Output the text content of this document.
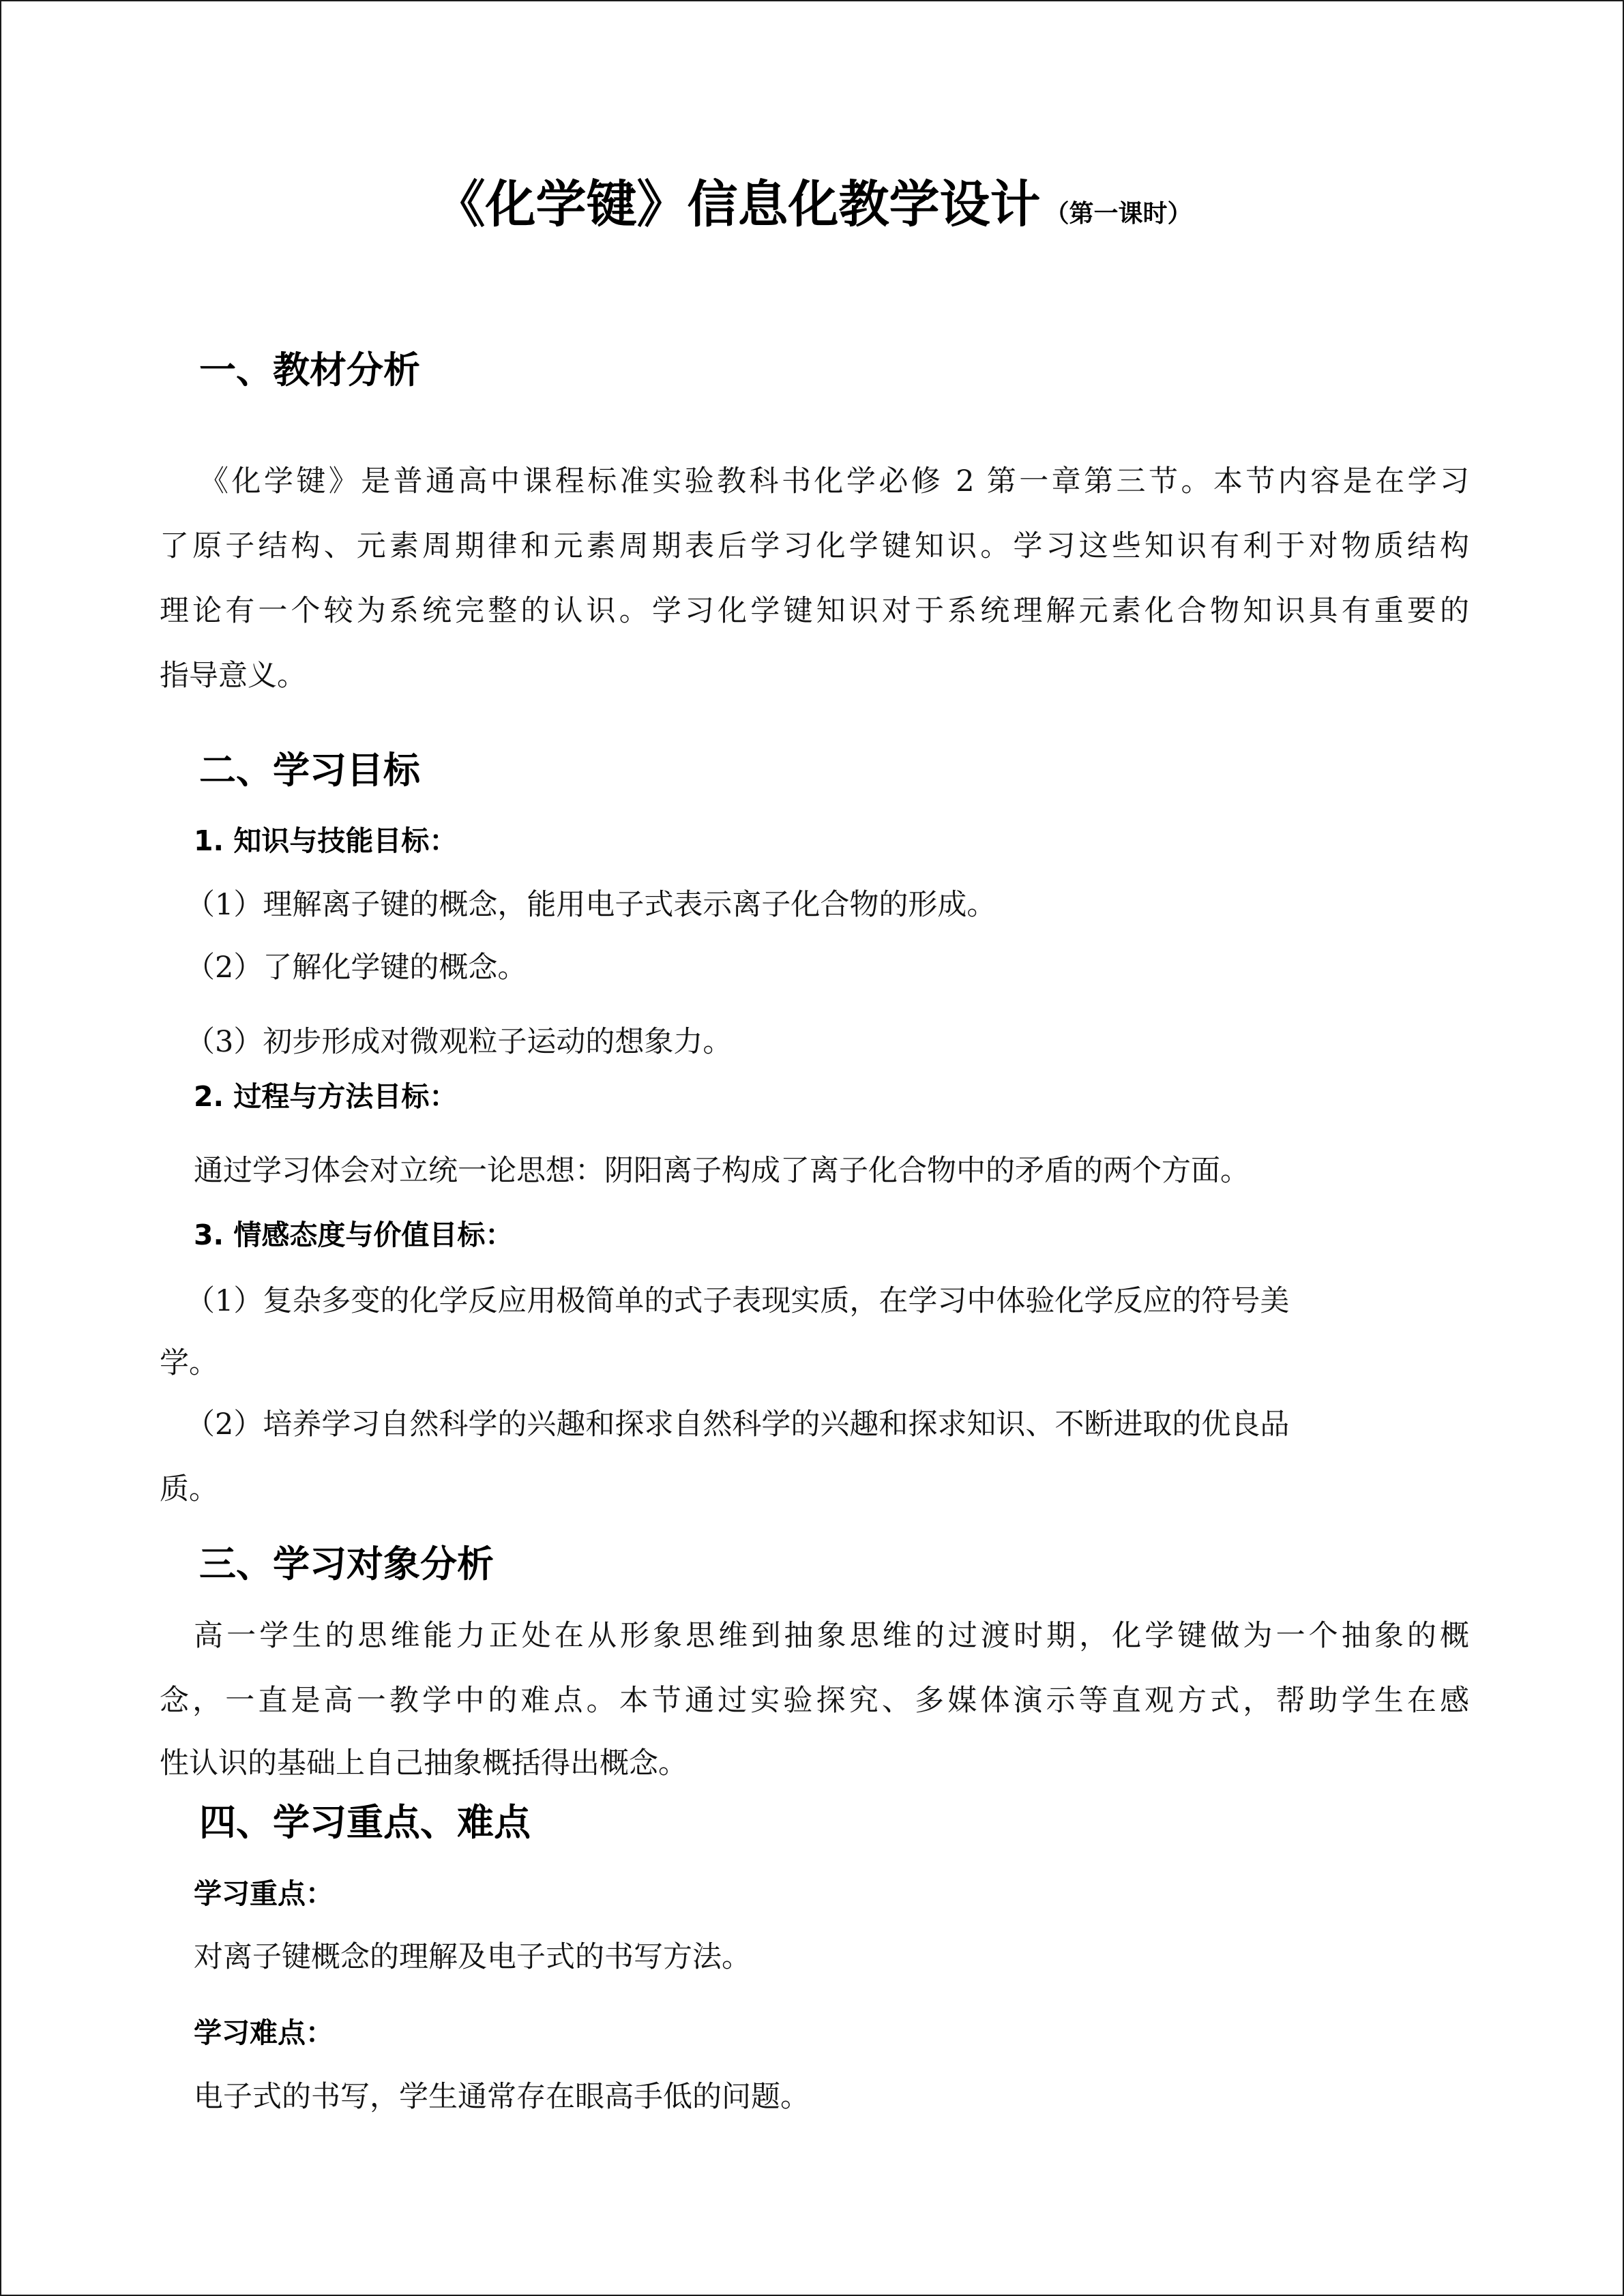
《化学键》信息化教学设计 （第一课时）
一、教材分析

《化学键》是普通高中课程标准实验教科书化学必修 2 第一章第三节。本节内容是在学习

了原子结构、元素周期律和元素周期表后学习化学键知识。学习这些知识有利于对物质结构

理论有一个较为系统完整的认识。学习化学键知识对于系统理解元素化合物知识具有重要的

指导意义。

二、学习目标
1. 知识与技能目标：

（1）理解离子键的概念，能用电子式表示离子化合物的形成。

（2）了解化学键的概念。

（3）初步形成对微观粒子运动的想象力。

2. 过程与方法目标：

通过学习体会对立统一论思想：阴阳离子构成了离子化合物中的矛盾的两个方面。

3. 情感态度与价值目标：

（1）复杂多变的化学反应用极简单的式子表现实质，在学习中体验化学反应的符号美

学。

（2）培养学习自然科学的兴趣和探求自然科学的兴趣和探求知识、不断进取的优良品

质。

三、学习对象分析

高一学生的思维能力正处在从形象思维到抽象思维的过渡时期，化学键做为一个抽象的概

念，一直是高一教学中的难点。本节通过实验探究、多媒体演示等直观方式，帮助学生在感

性认识的基础上自己抽象概括得出概念。

四、学习重点、难点
学习重点：

对离子键概念的理解及电子式的书写方法。

学习难点：

电子式的书写，学生通常存在眼高手低的问题。
